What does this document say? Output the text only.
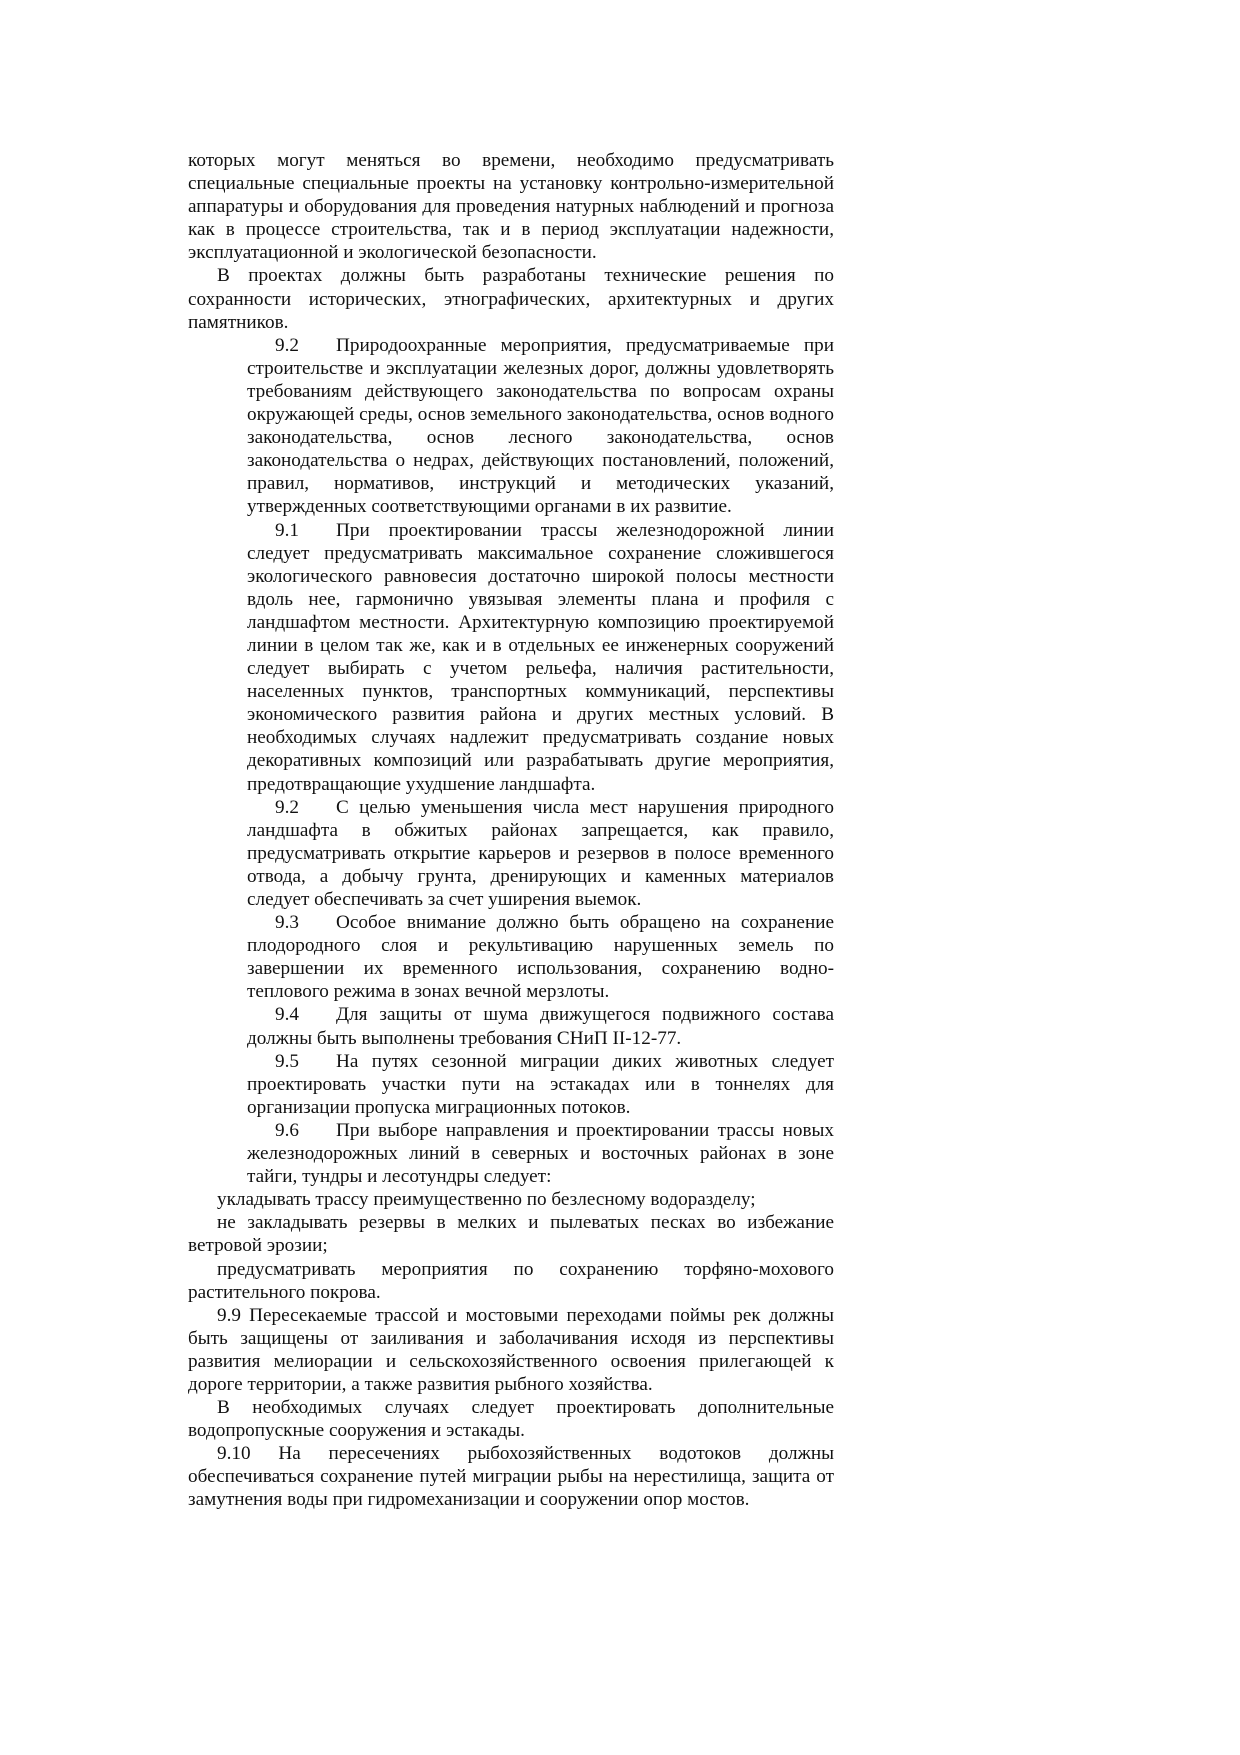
которых могут меняться во времени, необходимо предусматривать специальные специальные проекты на установку контрольно-измерительной аппаратуры и оборудования для проведения натурных наблюдений и прогноза как в процессе строительства, так и в период эксплуатации надежности, эксплуатационной и экологической безопасности.

В проектах должны быть разработаны технические решения по сохранности исторических, этнографических, архитектурных и других памятников.

9.2 Природоохранные мероприятия, предусматриваемые при строительстве и эксплуатации железных дорог, должны удовлетворять требованиям действующего законодательства по вопросам охраны окружающей среды, основ земельного законодательства, основ водного законодательства, основ лесного законодательства, основ законодательства о недрах, действующих постановлений, положений, правил, нормативов, инструкций и методических указаний, утвержденных соответствующими органами в их развитие.

9.1 При проектировании трассы железнодорожной линии следует предусматривать максимальное сохранение сложившегося экологического равновесия достаточно широкой полосы местности вдоль нее, гармонично увязывая элементы плана и профиля с ландшафтом местности. Архитектурную композицию проектируемой линии в целом так же, как и в отдельных ее инженерных сооружений следует выбирать с учетом рельефа, наличия растительности, населенных пунктов, транспортных коммуникаций, перспективы экономического развития района и других местных условий. В необходимых случаях надлежит предусматривать создание новых декоративных композиций или разрабатывать другие мероприятия, предотвращающие ухудшение ландшафта.

9.2 С целью уменьшения числа мест нарушения природного ландшафта в обжитых районах запрещается, как правило, предусматривать открытие карьеров и резервов в полосе временного отвода, а добычу грунта, дренирующих и каменных материалов следует обеспечивать за счет уширения выемок.

9.3 Особое внимание должно быть обращено на сохранение плодородного слоя и рекультивацию нарушенных земель по завершении их временного использования, сохранению водно-теплового режима в зонах вечной мерзлоты.

9.4 Для защиты от шума движущегося подвижного состава должны быть выполнены требования СНиП II-12-77.

9.5 На путях сезонной миграции диких животных следует проектировать участки пути на эстакадах или в тоннелях для организации пропуска миграционных потоков.

9.6 При выборе направления и проектировании трассы новых железнодорожных линий в северных и восточных районах в зоне тайги, тундры и лесотундры следует:

укладывать трассу преимущественно по безлесному водоразделу;

не закладывать резервы в мелких и пылеватых песках во избежание ветровой эрозии;

предусматривать мероприятия по сохранению торфяно-мохового растительного покрова.

9.9 Пересекаемые трассой и мостовыми переходами поймы рек должны быть защищены от заиливания и заболачивания исходя из перспективы развития мелиорации и сельскохозяйственного освоения прилегающей к дороге территории, а также развития рыбного хозяйства.

В необходимых случаях следует проектировать дополнительные водопропускные сооружения и эстакады.

9.10 На пересечениях рыбохозяйственных водотоков должны обеспечиваться сохранение путей миграции рыбы на нерестилища, защита от замутнения воды при гидромеханизации и сооружении опор мостов.
